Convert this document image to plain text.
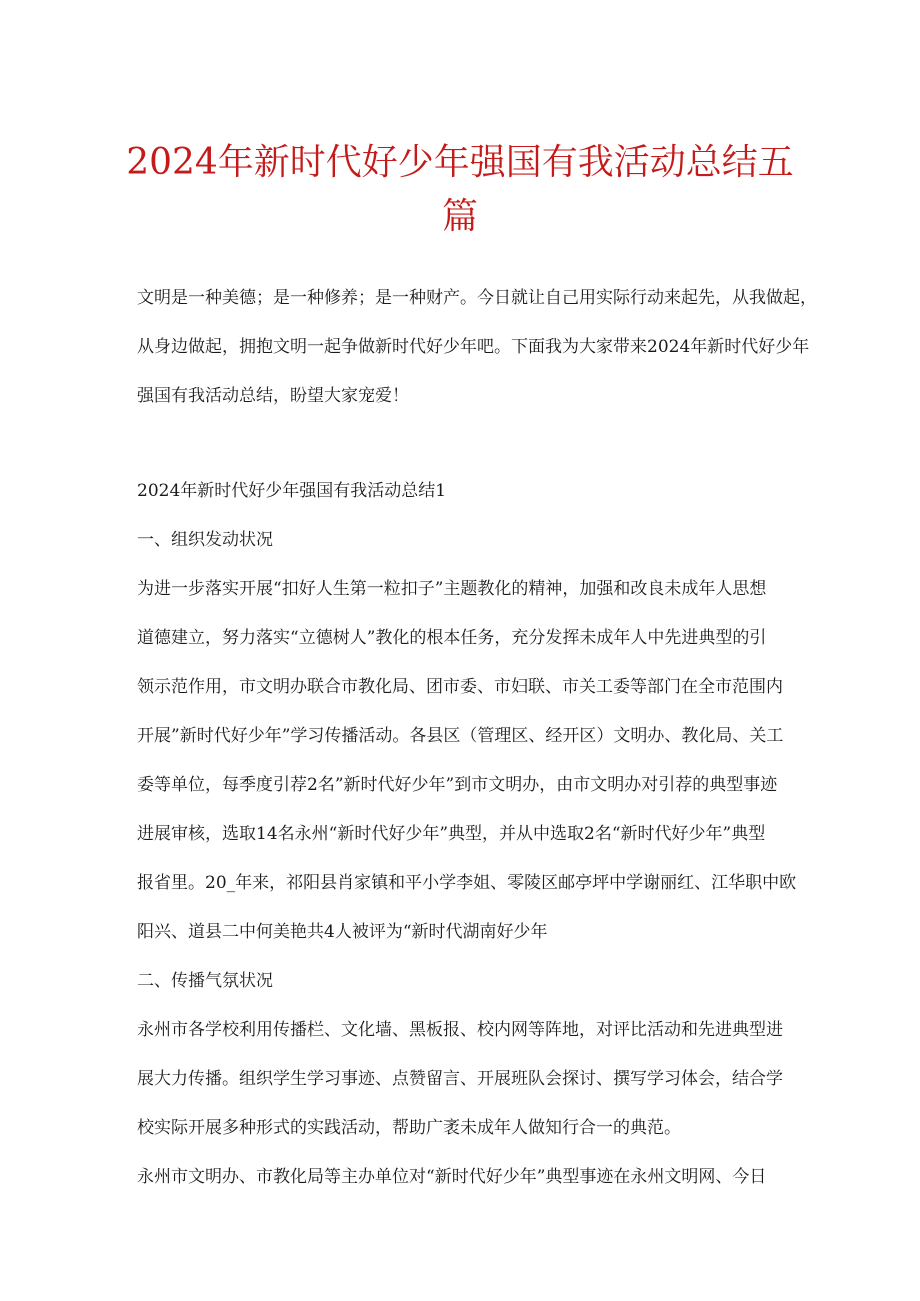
2024年新时代好少年强国有我活动总结五
篇
文明是一种美德；是一种修养；是一种财产。今日就让自己用实际行动来起先，从我做起，
从身边做起，拥抱文明一起争做新时代好少年吧。下面我为大家带来2024年新时代好少年
强国有我活动总结，盼望大家宠爱！
2024年新时代好少年强国有我活动总结1
一、组织发动状况
为进一步落实开展“扣好人生第一粒扣子”主题教化的精神，加强和改良未成年人思想
道德建立，努力落实“立德树人”教化的根本任务，充分发挥未成年人中先进典型的引
领示范作用，市文明办联合市教化局、团市委、市妇联、市关工委等部门在全市范围内
开展”新时代好少年”学习传播活动。各县区（管理区、经开区）文明办、教化局、关工
委等单位，每季度引荐2名”新时代好少年”到市文明办，由市文明办对引荐的典型事迹
进展审核，选取14名永州“新时代好少年”典型，并从中选取2名“新时代好少年”典型
报省里。20_年来，祁阳县肖家镇和平小学李姐、零陵区邮亭坪中学谢丽红、江华职中欧
阳兴、道县二中何美艳共4人被评为“新时代湖南好少年
二、传播气氛状况
永州市各学校利用传播栏、文化墙、黑板报、校内网等阵地，对评比活动和先进典型进
展大力传播。组织学生学习事迹、点赞留言、开展班队会探讨、撰写学习体会，结合学
校实际开展多种形式的实践活动，帮助广袤未成年人做知行合一的典范。
永州市文明办、市教化局等主办单位对“新时代好少年”典型事迹在永州文明网、今日
